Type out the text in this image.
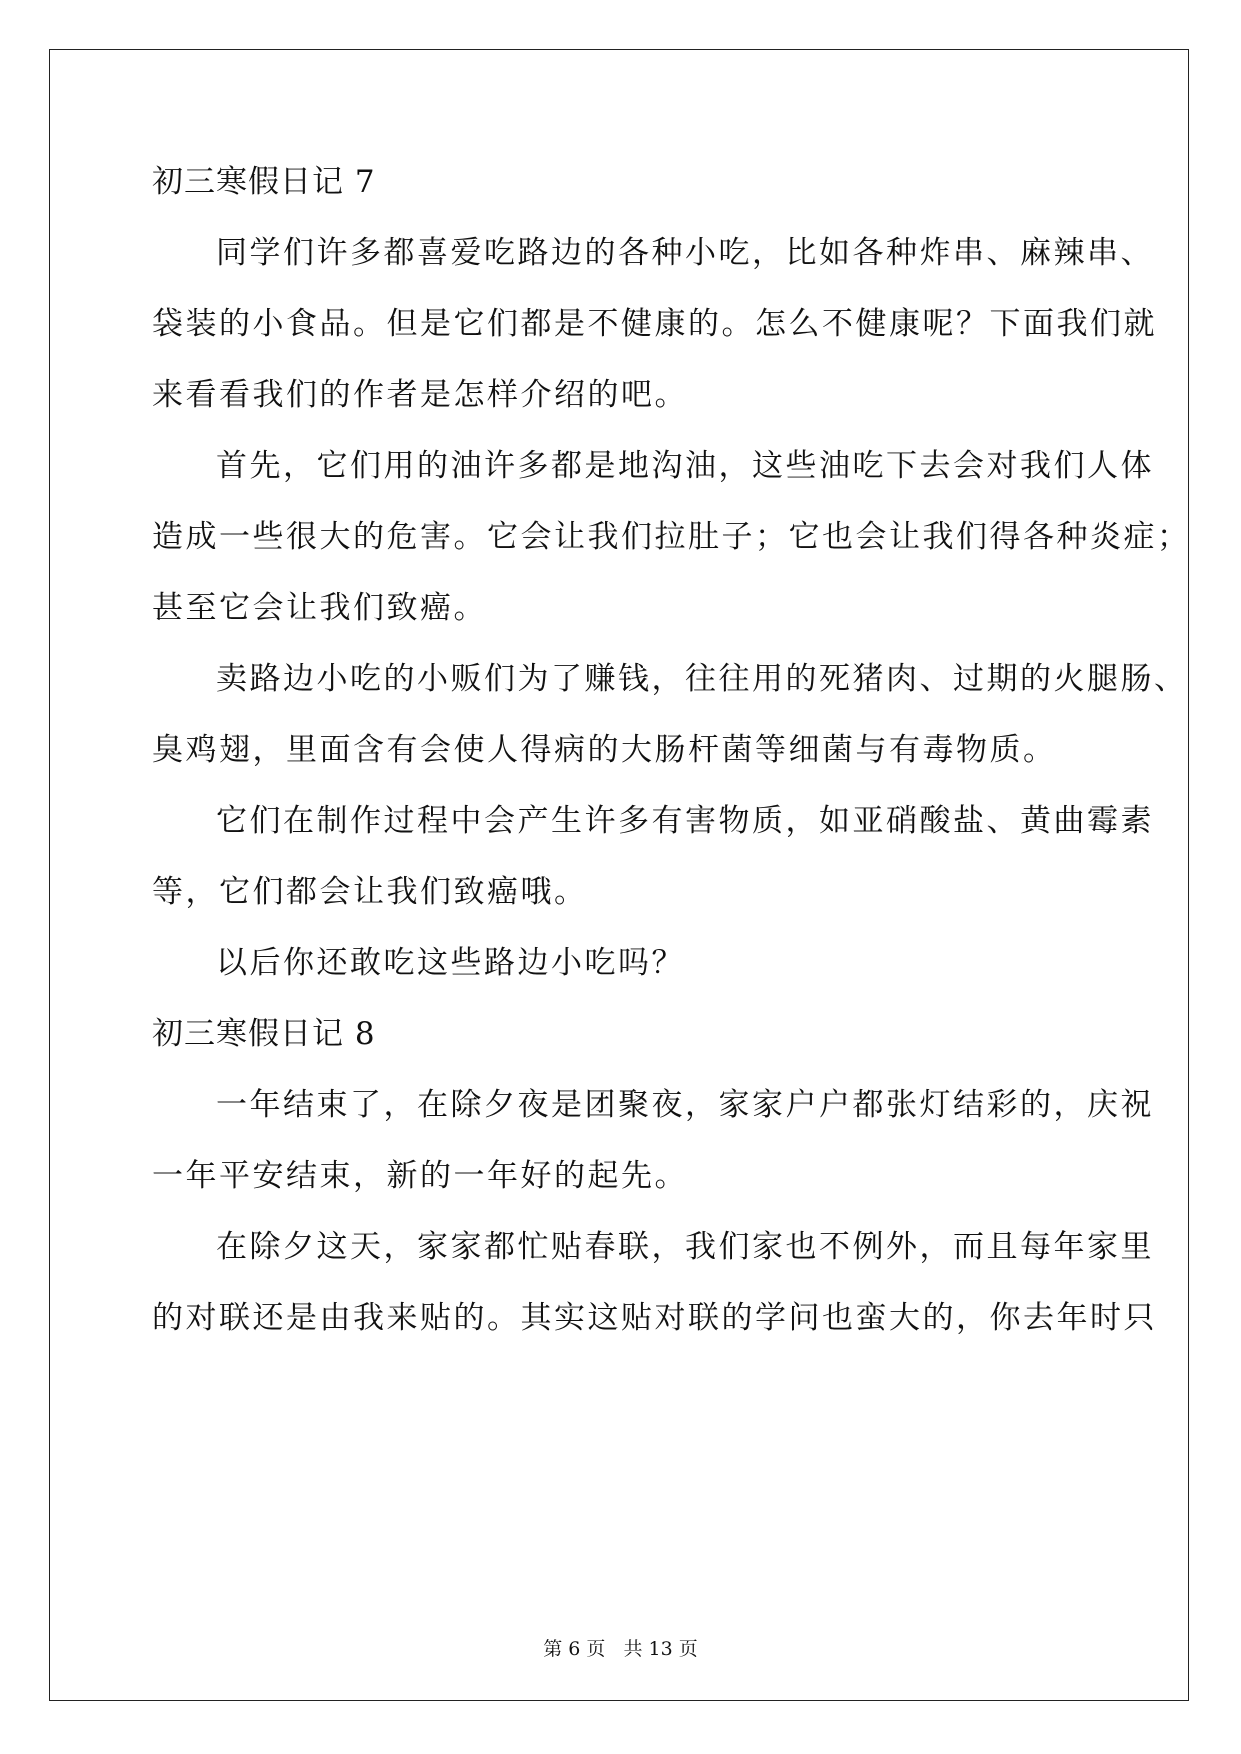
初三寒假日记 7
同学们许多都喜爱吃路边的各种小吃，比如各种炸串、麻辣串、
袋装的小食品。但是它们都是不健康的。怎么不健康呢？下面我们就
来看看我们的作者是怎样介绍的吧。
首先，它们用的油许多都是地沟油，这些油吃下去会对我们人体
造成一些很大的危害。它会让我们拉肚子；它也会让我们得各种炎症；
甚至它会让我们致癌。
卖路边小吃的小贩们为了赚钱，往往用的死猪肉、过期的火腿肠、
臭鸡翅，里面含有会使人得病的大肠杆菌等细菌与有毒物质。
它们在制作过程中会产生许多有害物质，如亚硝酸盐、黄曲霉素
等，它们都会让我们致癌哦。
以后你还敢吃这些路边小吃吗？
初三寒假日记 8
一年结束了，在除夕夜是团聚夜，家家户户都张灯结彩的，庆祝
一年平安结束，新的一年好的起先。
在除夕这天，家家都忙贴春联，我们家也不例外，而且每年家里
的对联还是由我来贴的。其实这贴对联的学问也蛮大的，你去年时只
第 6 页 共 13 页
